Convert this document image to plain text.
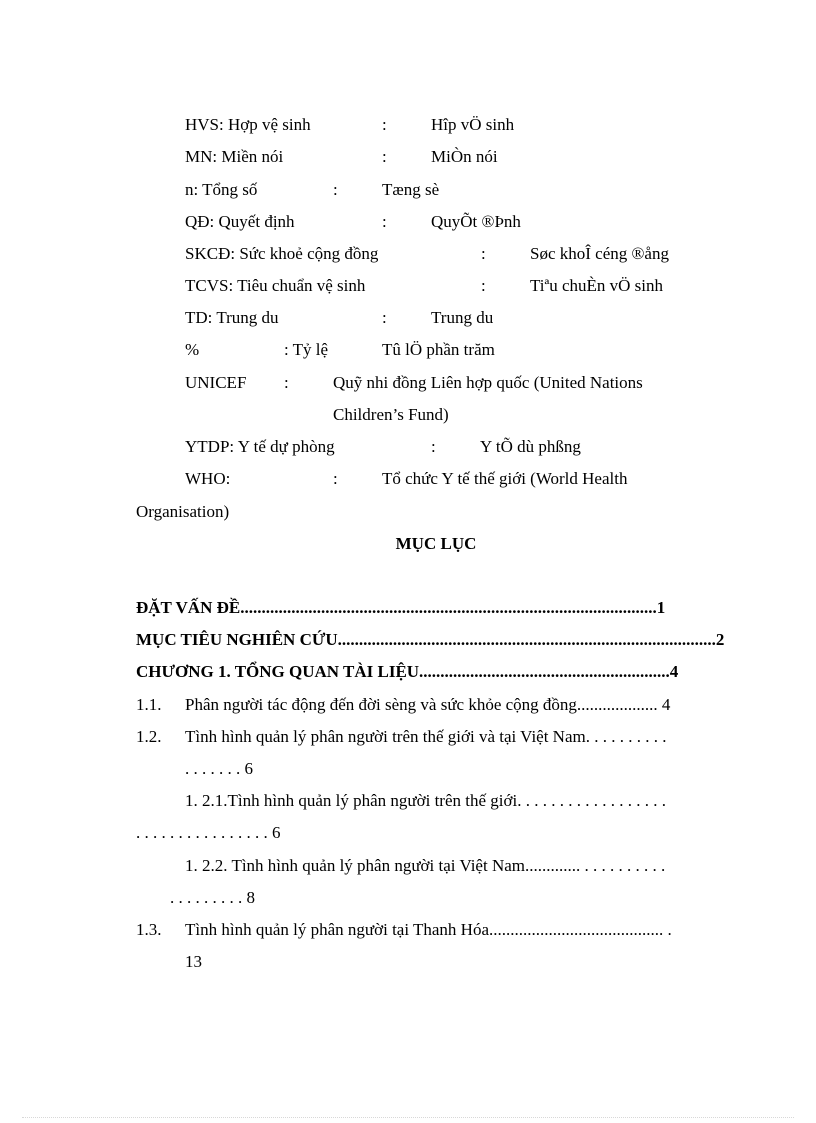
HVS: Hợp vệ sinh	:	Hîp vÖ sinh
MN: Miền nói	:	MiÒn nói
n: Tổng số	:	Tæng sè
QĐ: Quyết định	:	QuyÕt ®Þnh
SKCĐ: Sức khoẻ cộng đồng	:	Søc khoÎ céng ®ång
TCVS: Tiêu chuẩn vệ sinh	:	Tiªu chuÈn vÖ sinh
TD: Trung du	:	Trung du
%	: Tỷ lệ	Tû lÖ phần trăm
UNICEF :	Quỹ nhi đồng Liên hợp quốc (United Nations
Children’s Fund)
YTDP: Y tế dự phòng	:	Y tÕ dù phßng
WHO:	:	Tổ chức Y tế thế giới (World Health
Organisation)
MỤC LỤC
ĐẶT VẤN ĐỀ..................................................................................................1
MỤC TIÊU NGHIÊN CỨU.........................................................................................2
CHƯƠNG 1. TỔNG QUAN TÀI LIỆU...........................................................4
1.1.	Phân người tác động đến đời sèng và sức khỏe cộng đồng................... 4
1.2.	Tình hình quản lý phân người trên thế giới và tại Việt Nam. . . . . . . . . .
. . . . . . . 6
1. 2.1.Tình hình quản lý phân người trên thế giới. . . . . . . . . . . . . . . . . .
. . . . . . . . . . . . . . . . 6
1. 2.2. Tình hình quản lý phân người tại Việt Nam............. . . . . . . . . . .
. . . . . . . . . 8
1.3.	Tình hình quản lý phân người tại Thanh Hóa......................................... .
13
